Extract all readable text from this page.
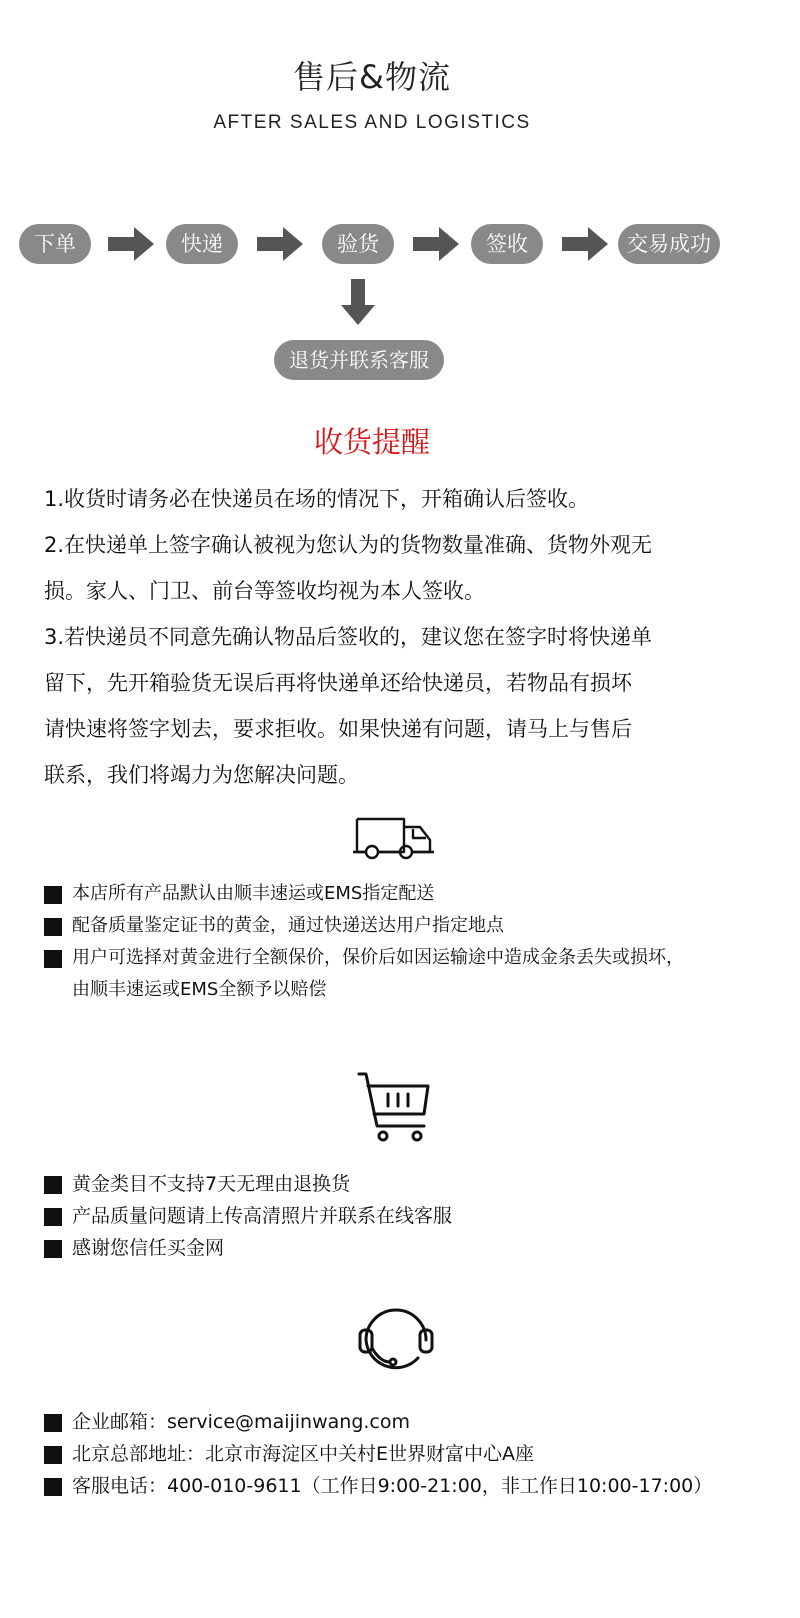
售后&物流
AFTER SALES AND LOGISTICS
下单	快递	验货	签收	交易成功
退货并联系客服
收货提醒

1.收货时请务必在快递员在场的情况下，开箱确认后签收。

2.在快递单上签字确认被视为您认为的货物数量准确、货物外观无

损。家人、门卫、前台等签收均视为本人签收。

3.若快递员不同意先确认物品后签收的，建议您在签字时将快递单

留下，先开箱验货无误后再将快递单还给快递员，若物品有损坏

请快速将签字划去，要求拒收。如果快递有问题，请马上与售后

联系，我们将竭力为您解决问题。

本店所有产品默认由顺丰速运或EMS指定配送
配备质量鉴定证书的黄金，通过快递送达用户指定地点
用户可选择对黄金进行全额保价，保价后如因运输途中造成金条丢失或损坏，
由顺丰速运或EMS全额予以赔偿
黄金类目不支持7天无理由退换货
产品质量问题请上传高清照片并联系在线客服
感谢您信任买金网
企业邮箱：service@maijinwang.com
北京总部地址：北京市海淀区中关村E世界财富中心A座
客服电话：400-010-9611（工作日9:00-21:00，非工作日10:00-17:00）
